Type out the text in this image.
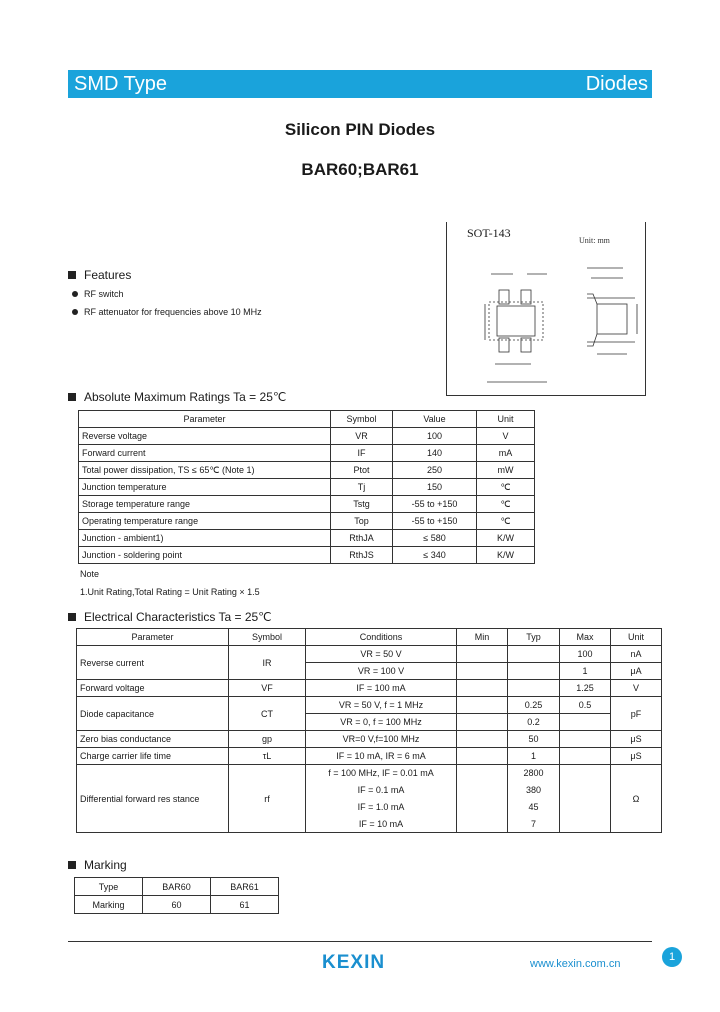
SMD Type	Diodes
Silicon PIN Diodes
BAR60;BAR61
SOT-143
Unit: mm
Features
RF switch
RF attenuator for frequencies above 10 MHz
Absolute Maximum Ratings Ta = 25℃
Parameter	Symbol	Value	Unit
Reverse voltage	VR	100	V
Forward current	IF	140	mA
Total power dissipation, TS ≤ 65℃ (Note 1)	Ptot	250	mW
Junction temperature	Tj	150	℃
Storage temperature range	Tstg	-55 to +150	℃
Operating temperature range	Top	-55 to +150	℃
Junction - ambient1)	RthJA	≤ 580	K/W
Junction - soldering point	RthJS	≤ 340	K/W
Note
1.Unit Rating,Total Rating = Unit Rating × 1.5
Electrical Characteristics Ta = 25℃
Parameter	Symbol	Conditions	Min	Typ	Max	Unit
Reverse current	IR	VR = 50 V			100	nA
		VR = 100 V			1	μA
Forward voltage	VF	IF = 100 mA			1.25	V
Diode capacitance	CT	VR = 50 V, f = 1 MHz		0.25	0.5	pF
		VR = 0, f = 100 MHz		0.2		
Zero bias conductance	gp	VR=0 V,f=100 MHz		50		μS
Charge carrier life time	τL	IF = 10 mA, IR = 6 mA		1		μS
Differential forward res stance	rf	f = 100 MHz, IF = 0.01 mA		2800		Ω
		IF = 0.1 mA		380		
		IF = 1.0 mA		45		
		IF = 10 mA		7		
Marking
Type	BAR60	BAR61
Marking	60	61
KEXIN	www.kexin.com.cn
1
